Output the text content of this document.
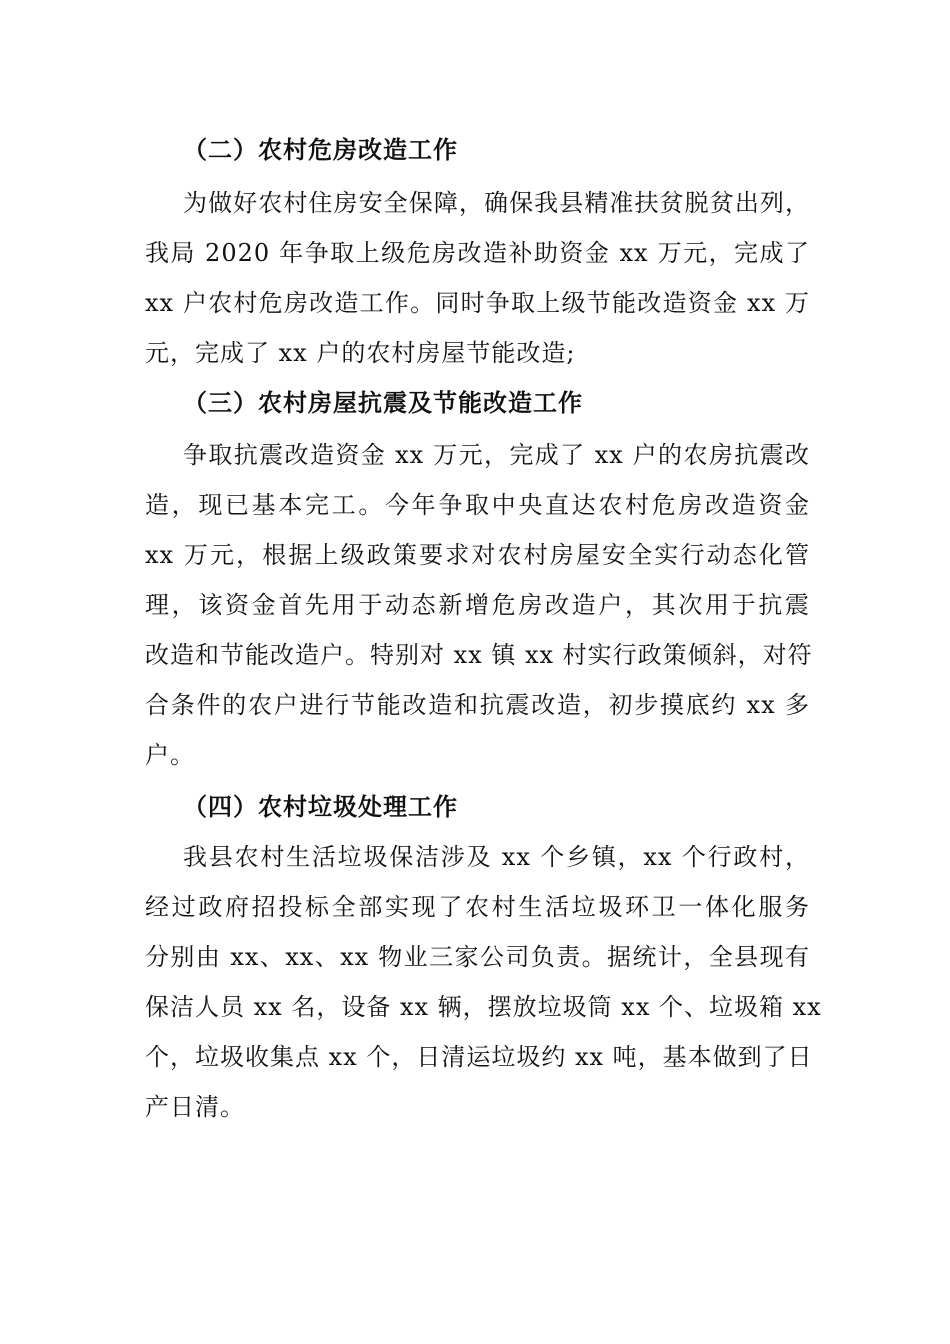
（二）农村危房改造工作
为做好农村住房安全保障，确保我县精准扶贫脱贫出列，
我局 2020 年争取上级危房改造补助资金 xx 万元，完成了
xx 户农村危房改造工作。同时争取上级节能改造资金 xx 万
元，完成了 xx 户的农村房屋节能改造;
（三）农村房屋抗震及节能改造工作
争取抗震改造资金 xx 万元，完成了 xx 户的农房抗震改
造，现已基本完工。今年争取中央直达农村危房改造资金
xx 万元，根据上级政策要求对农村房屋安全实行动态化管
理，该资金首先用于动态新增危房改造户，其次用于抗震
改造和节能改造户。特别对 xx 镇 xx 村实行政策倾斜，对符
合条件的农户进行节能改造和抗震改造，初步摸底约 xx 多
户。
（四）农村垃圾处理工作
我县农村生活垃圾保洁涉及 xx 个乡镇，xx 个行政村，
经过政府招投标全部实现了农村生活垃圾环卫一体化服务
分别由 xx、xx、xx 物业三家公司负责。据统计，全县现有
保洁人员 xx 名，设备 xx 辆，摆放垃圾筒 xx 个、垃圾箱 xx
个，垃圾收集点 xx 个，日清运垃圾约 xx 吨，基本做到了日
产日清。
